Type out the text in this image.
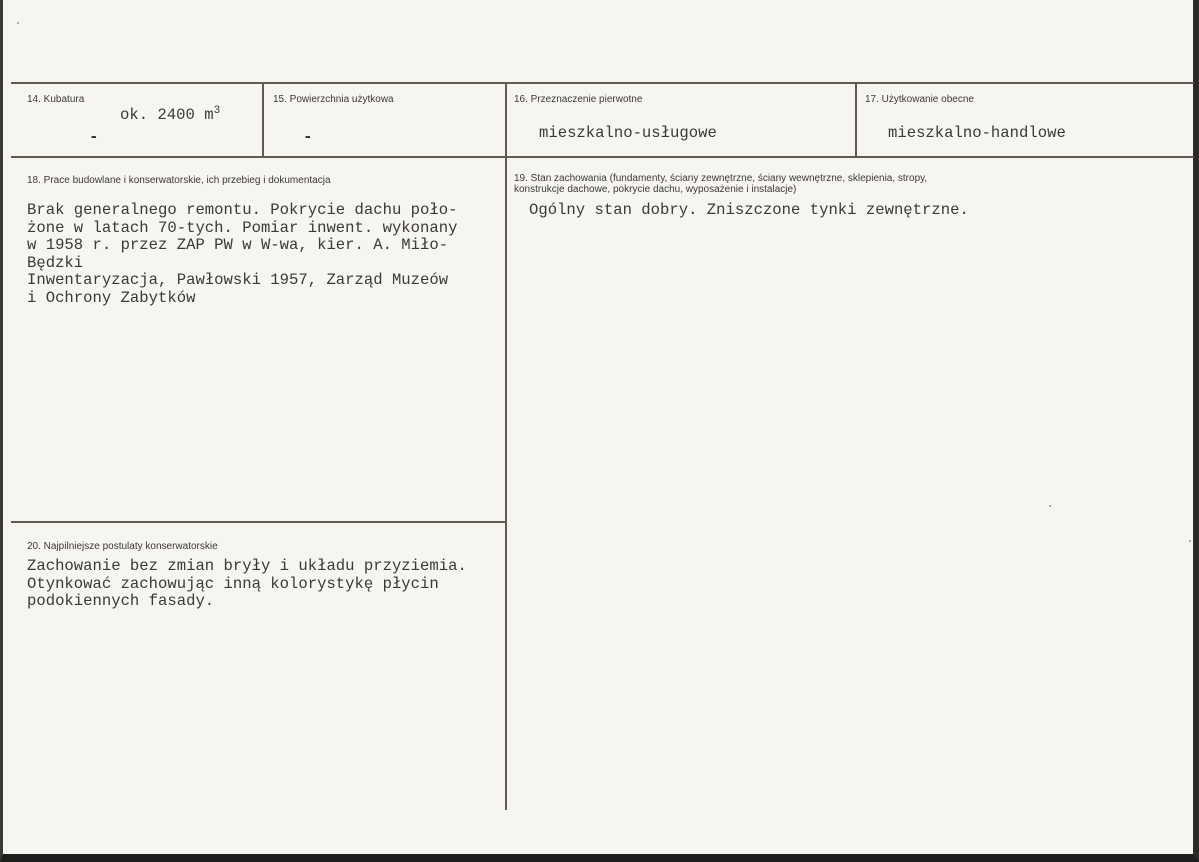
14. Kubatura
ok. 2400 $m^3$
-
15. Powierzchnia użytkowa
-
16. Przeznaczenie pierwotne
mieszkalno-usługowe
17. Użytkowanie obecne
mieszkalno-handlowe
18. Prace budowlane i konserwatorskie, ich przebieg i dokumentacja
Brak generalnego remontu. Pokrycie dachu poło-
żone w latach 70-tych. Pomiar inwent. wykonany
w 1958 r. przez ZAP PW w W-wa, kier. A. Miło-
Będzki
Inwentaryzacja, Pawłowski 1957, Zarząd Muzeów
i Ochrony Zabytków
19. Stan zachowania (fundamenty, ściany zewnętrzne, ściany wewnętrzne, sklepienia, stropy,
konstrukcje dachowe, pokrycie dachu, wyposażenie i instalacje)
Ogólny stan dobry. Zniszczone tynki zewnętrzne.
20. Najpilniejsze postulaty konserwatorskie
Zachowanie bez zmian bryły i układu przyziemia.
Otynkować zachowując inną kolorystykę płycin
podokiennych fasady.
